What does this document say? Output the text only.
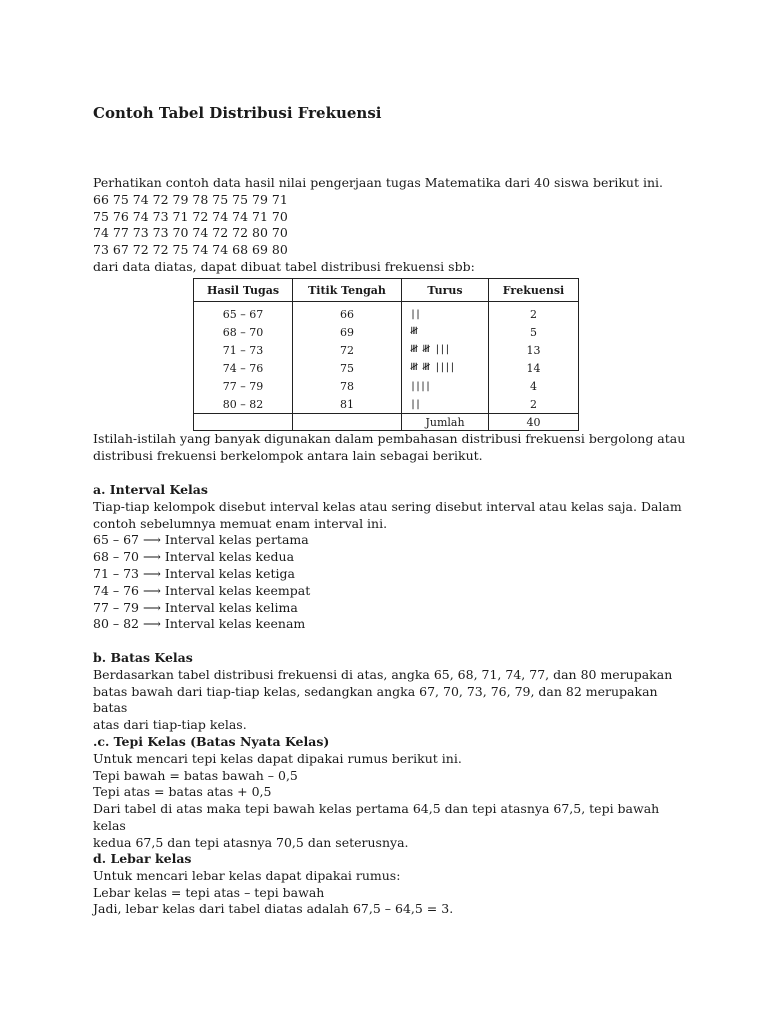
Contoh Tabel Distribusi Frekuensi

Perhatikan contoh data hasil nilai pengerjaan tugas Matematika dari 40 siswa berikut ini.

66 75 74 72 79 78 75 75 79 71

75 76 74 73 71 72 74 74 71 70

74 77 73 73 70 74 72 72 80 70

73 67 72 72 75 74 74 68 69 80

dari data diatas, dapat dibuat tabel distribusi frekuensi sbb:

Hasil Tugas	Titik Tengah	Turus	Frekuensi
65 – 67	66	||	2
68 – 70	69	𝍸	5
71 – 73	72	𝍸 𝍸 |||	13
74 – 76	75	𝍸 𝍸 ||||	14
77 – 79	78	||||	4
80 – 82	81	||	2
		Jumlah	40

Istilah-istilah yang banyak digunakan dalam pembahasan distribusi frekuensi bergolong atau

distribusi frekuensi berkelompok antara lain sebagai berikut.

a. Interval Kelas

Tiap-tiap kelompok disebut interval kelas atau sering disebut interval atau kelas saja. Dalam

contoh sebelumnya memuat enam interval ini.

65 – 67 ⟶ Interval kelas pertama

68 – 70 ⟶ Interval kelas kedua

71 – 73 ⟶ Interval kelas ketiga

74 – 76 ⟶ Interval kelas keempat

77 – 79 ⟶ Interval kelas kelima

80 – 82 ⟶ Interval kelas keenam

b. Batas Kelas

Berdasarkan tabel distribusi frekuensi di atas, angka 65, 68, 71, 74, 77, dan 80 merupakan

batas bawah dari tiap-tiap kelas, sedangkan angka 67, 70, 73, 76, 79, dan 82 merupakan batas

atas dari tiap-tiap kelas.

.c. Tepi Kelas (Batas Nyata Kelas)

Untuk mencari tepi kelas dapat dipakai rumus berikut ini.

Tepi bawah = batas bawah – 0,5

Tepi atas = batas atas + 0,5

Dari tabel di atas maka tepi bawah kelas pertama 64,5 dan tepi atasnya 67,5, tepi bawah kelas

kedua 67,5 dan tepi atasnya 70,5 dan seterusnya.

d. Lebar kelas

Untuk mencari lebar kelas dapat dipakai rumus:

Lebar kelas = tepi atas – tepi bawah

Jadi, lebar kelas dari tabel diatas adalah 67,5 – 64,5 = 3.
